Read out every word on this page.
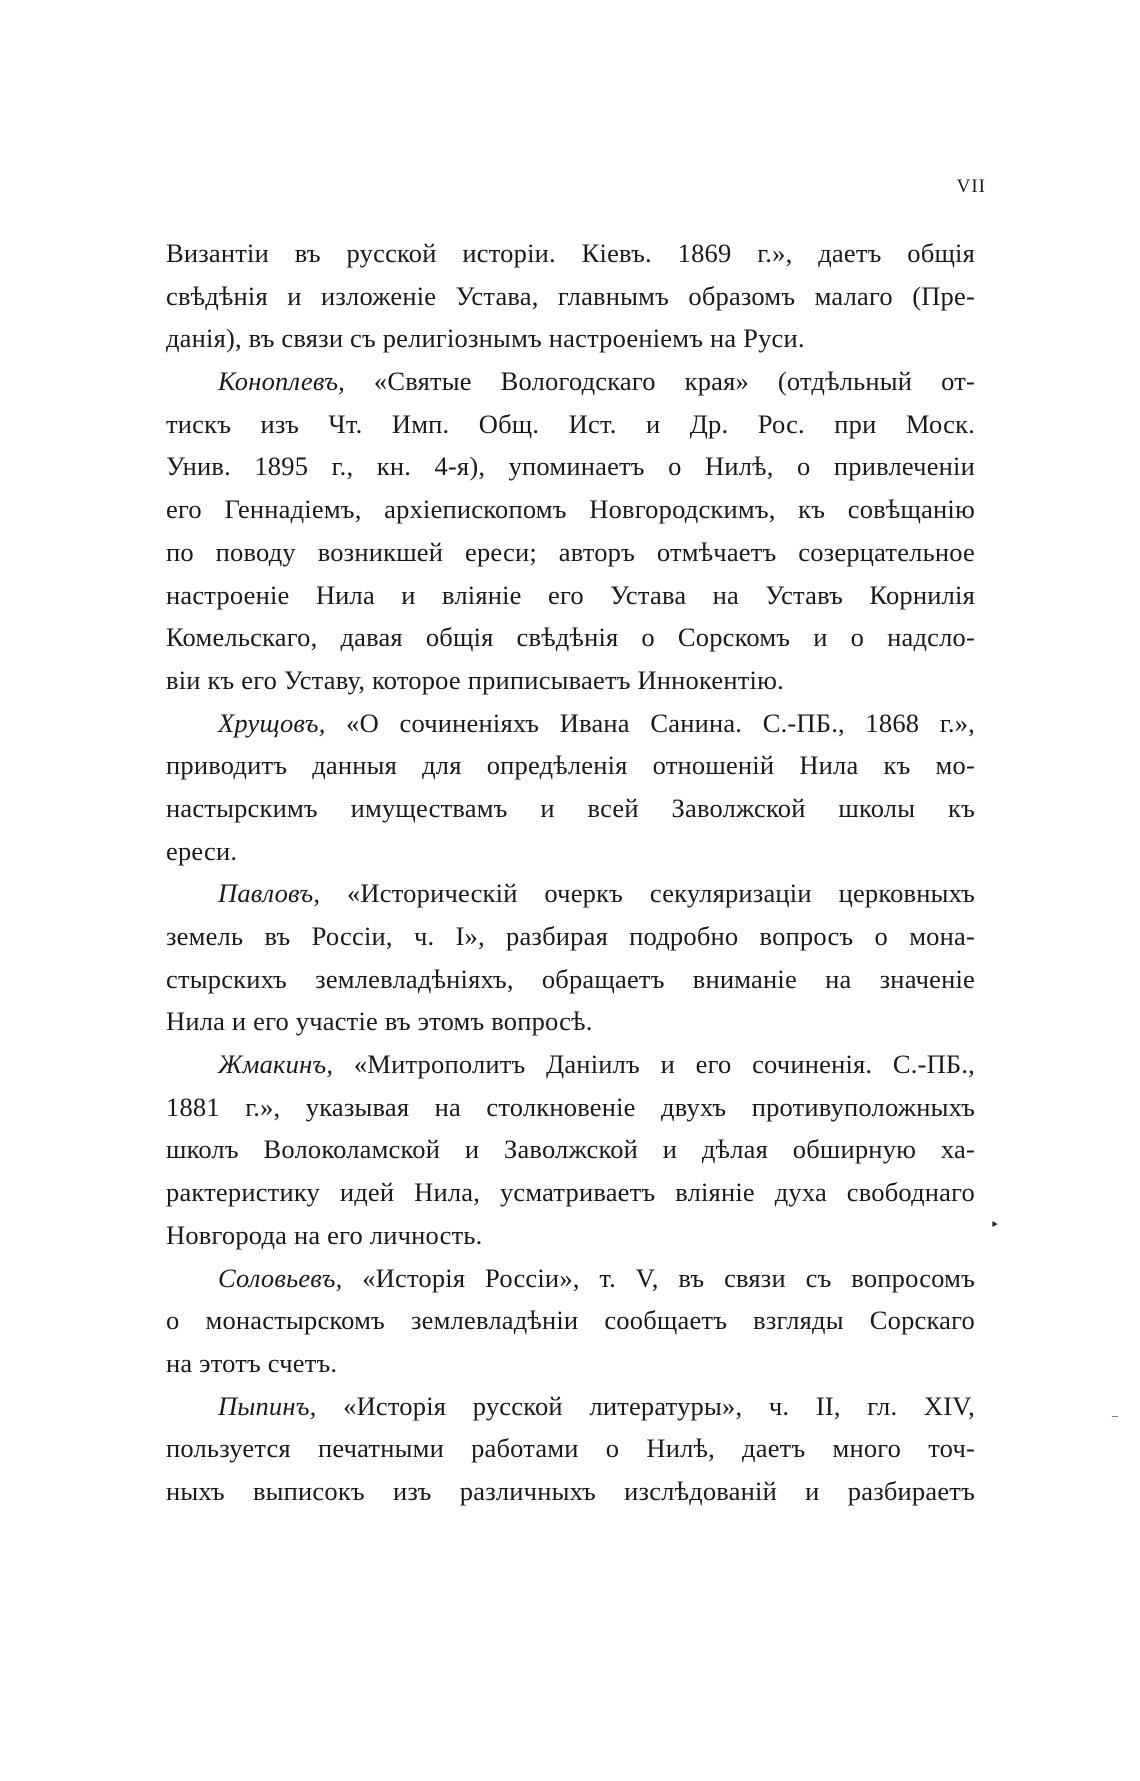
VII
Византіи въ русской исторіи. Кіевъ. 1869 г.», даетъ общія
свѣдѣнія и изложеніе Устава, главнымъ образомъ малаго (Пре-
данія), въ связи съ религіознымъ настроеніемъ на Руси.
Коноплевъ, «Святые Вологодскаго края» (отдѣльный от-
тискъ изъ Чт. Имп. Общ. Ист. и Др. Рос. при Моск.
Унив. 1895 г., кн. 4-я), упоминаетъ о Нилѣ, о привлеченіи
его Геннадіемъ, архіепископомъ Новгородскимъ, къ совѣщанію
по поводу возникшей ереси; авторъ отмѣчаетъ созерцательное
настроеніе Нила и вліяніе его Устава на Уставъ Корнилія
Комельскаго, давая общія свѣдѣнія о Сорскомъ и о надсло-
віи къ его Уставу, которое приписываетъ Иннокентію.
Хрущовъ, «О сочиненіяхъ Ивана Санина. С.-ПБ., 1868 г.»,
приводитъ данныя для опредѣленія отношеній Нила къ мо-
настырскимъ имуществамъ и всей Заволжской школы къ
ереси.
Павловъ, «Историческій очеркъ секуляризаціи церковныхъ
земель въ Россіи, ч. I», разбирая подробно вопросъ о мона-
стырскихъ землевладѣніяхъ, обращаетъ вниманіе на значеніе
Нила и его участіе въ этомъ вопросѣ.
Жмакинъ, «Митрополитъ Даніилъ и его сочиненія. С.-ПБ.,
1881 г.», указывая на столкновеніе двухъ противуположныхъ
школъ Волоколамской и Заволжской и дѣлая обширную ха-
рактеристику идей Нила, усматриваетъ вліяніе духа свободнаго
Новгорода на его личность.
Соловьевъ, «Исторія Россіи», т. V, въ связи съ вопросомъ
о монастырскомъ землевладѣніи сообщаетъ взгляды Сорскаго
на этотъ счетъ.
Пыпинъ, «Исторія русской литературы», ч. II, гл. XIV,
пользуется печатными работами о Нилѣ, даетъ много точ-
ныхъ выписокъ изъ различныхъ изслѣдованій и разбираетъ
‣
–
